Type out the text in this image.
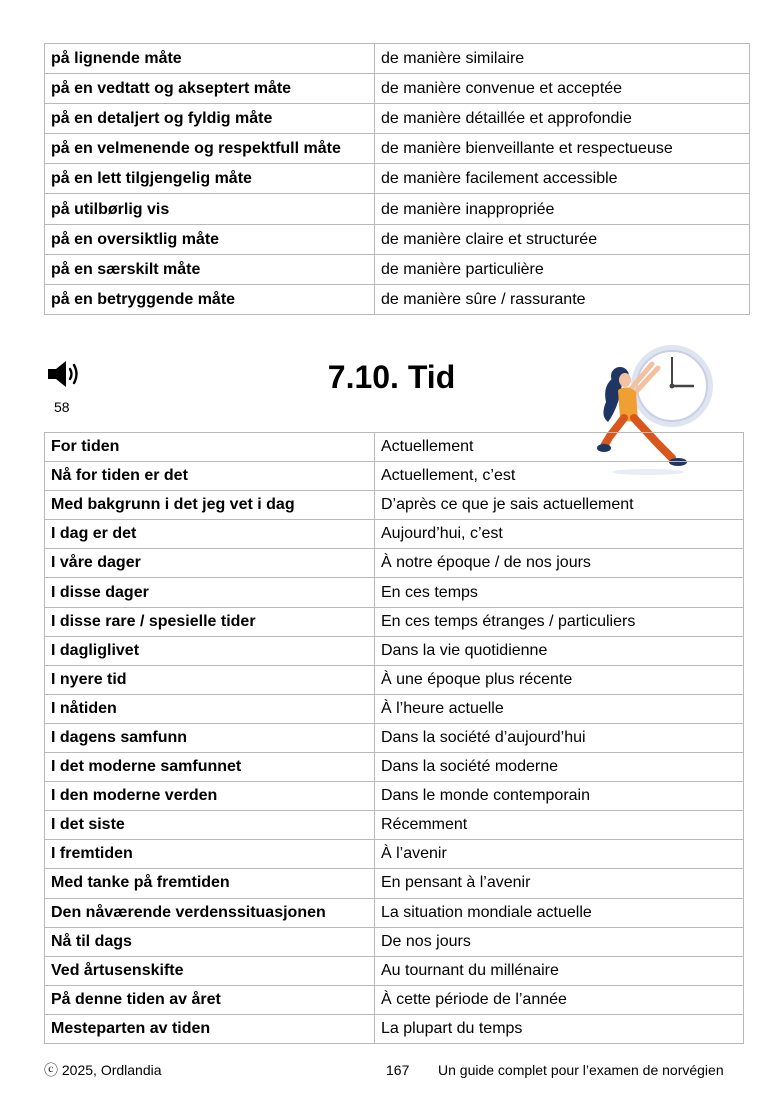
på lignende måte	de manière similaire
på en vedtatt og akseptert måte	de manière convenue et acceptée
på en detaljert og fyldig måte	de manière détaillée et approfondie
på en velmenende og respektfull måte	de manière bienveillante et respectueuse
på en lett tilgjengelig måte	de manière facilement accessible
på utilbørlig vis	de manière inappropriée
på en oversiktlig måte	de manière claire et structurée
på en særskilt måte	de manière particulière
på en betryggende måte	de manière sûre / rassurante
58
7.10. Tid
For tiden	Actuellement
Nå for tiden er det	Actuellement, c’est
Med bakgrunn i det jeg vet i dag	D’après ce que je sais actuellement
I dag er det	Aujourd’hui, c’est
I våre dager	À notre époque / de nos jours
I disse dager	En ces temps
I disse rare / spesielle tider	En ces temps étranges / particuliers
I dagliglivet	Dans la vie quotidienne
I nyere tid	À une époque plus récente
I nåtiden	À l’heure actuelle
I dagens samfunn	Dans la société d’aujourd’hui
I det moderne samfunnet	Dans la société moderne
I den moderne verden	Dans le monde contemporain
I det siste	Récemment
I fremtiden	À l’avenir
Med tanke på fremtiden	En pensant à l’avenir
Den nåværende verdenssituasjonen	La situation mondiale actuelle
Nå til dags	De nos jours
Ved årtusenskifte	Au tournant du millénaire
På denne tiden av året	À cette période de l’année
Mesteparten av tiden	La plupart du temps
ⓒ 2025, Ordlandia	167 Un guide complet pour l’examen de norvégien
